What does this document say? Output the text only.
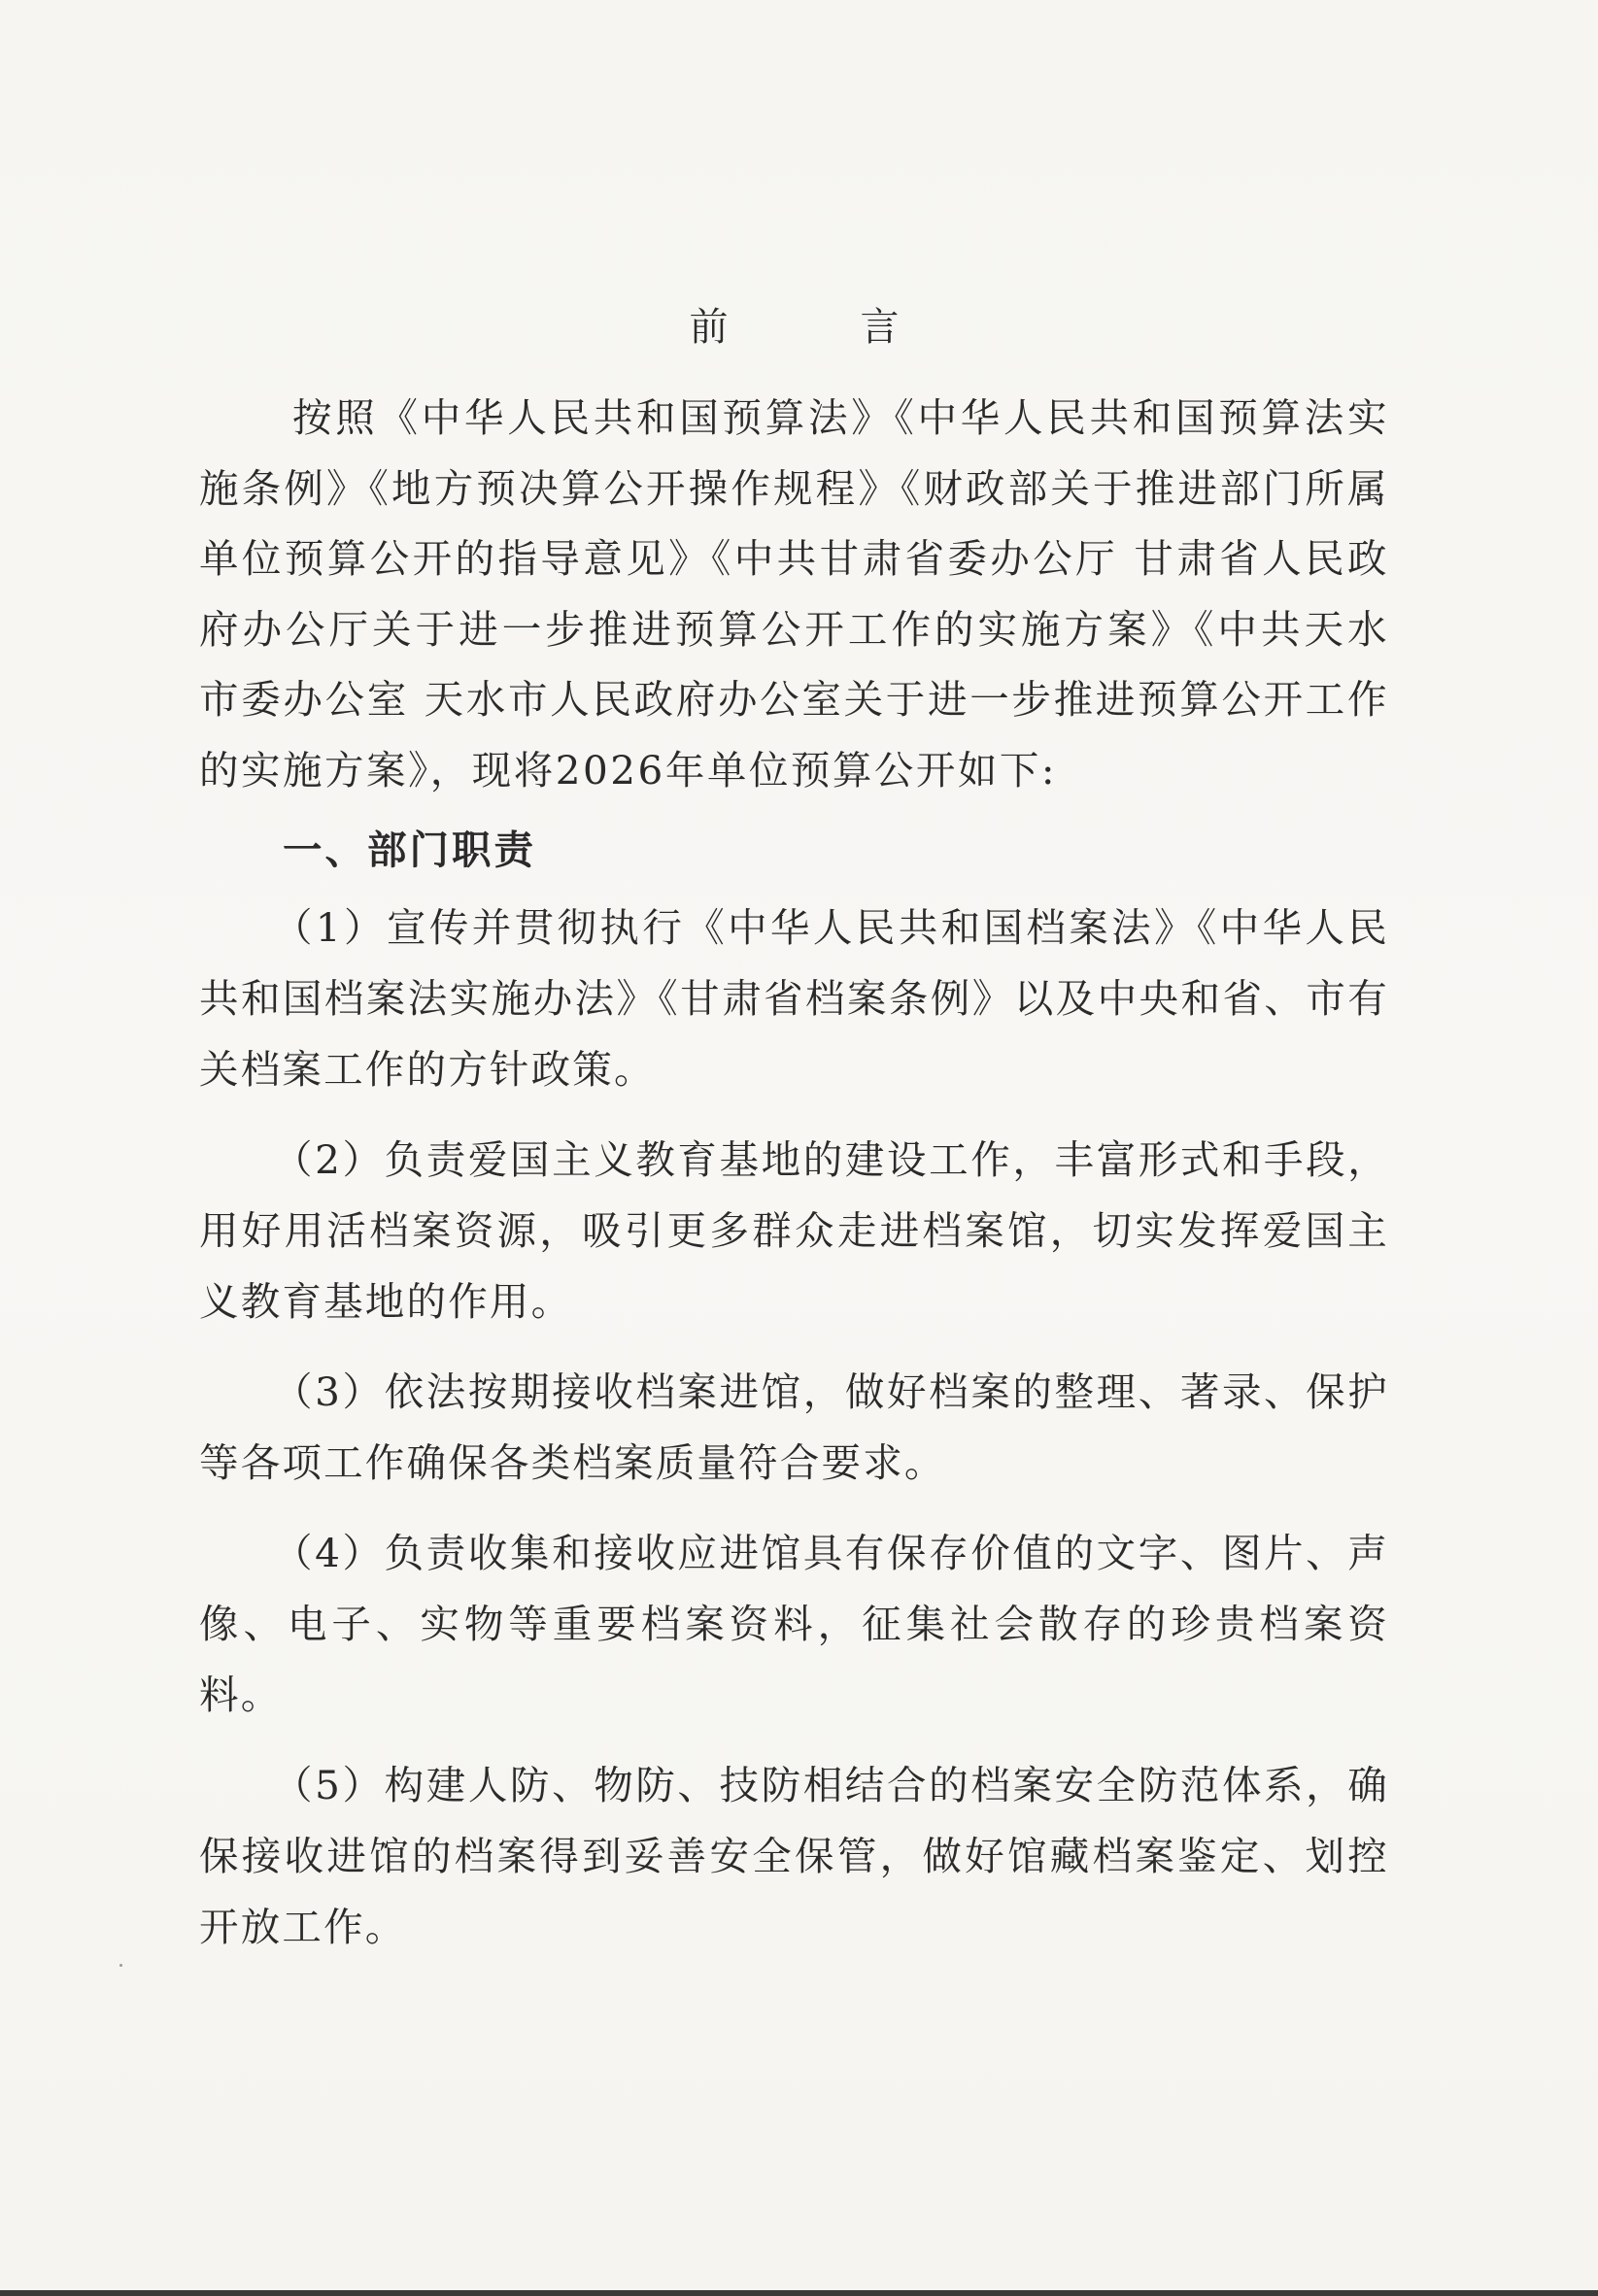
前　言

按照《中华人民共和国预算法》《中华人民共和国预算法实施条例》《地方预决算公开操作规程》《财政部关于推进部门所属单位预算公开的指导意见》《中共甘肃省委办公厅 甘肃省人民政府办公厅关于进一步推进预算公开工作的实施方案》《中共天水市委办公室 天水市人民政府办公室关于进一步推进预算公开工作的实施方案》，现将2026年单位预算公开如下:

一、部门职责

（1）宣传并贯彻执行《中华人民共和国档案法》《中华人民共和国档案法实施办法》《甘肃省档案条例》以及中央和省、市有关档案工作的方针政策。

（2）负责爱国主义教育基地的建设工作，丰富形式和手段，用好用活档案资源，吸引更多群众走进档案馆，切实发挥爱国主义教育基地的作用。

（3）依法按期接收档案进馆，做好档案的整理、著录、保护等各项工作确保各类档案质量符合要求。

（4）负责收集和接收应进馆具有保存价值的文字、图片、声像、电子、实物等重要档案资料，征集社会散存的珍贵档案资料。

（5）构建人防、物防、技防相结合的档案安全防范体系，确保接收进馆的档案得到妥善安全保管，做好馆藏档案鉴定、划控开放工作。
